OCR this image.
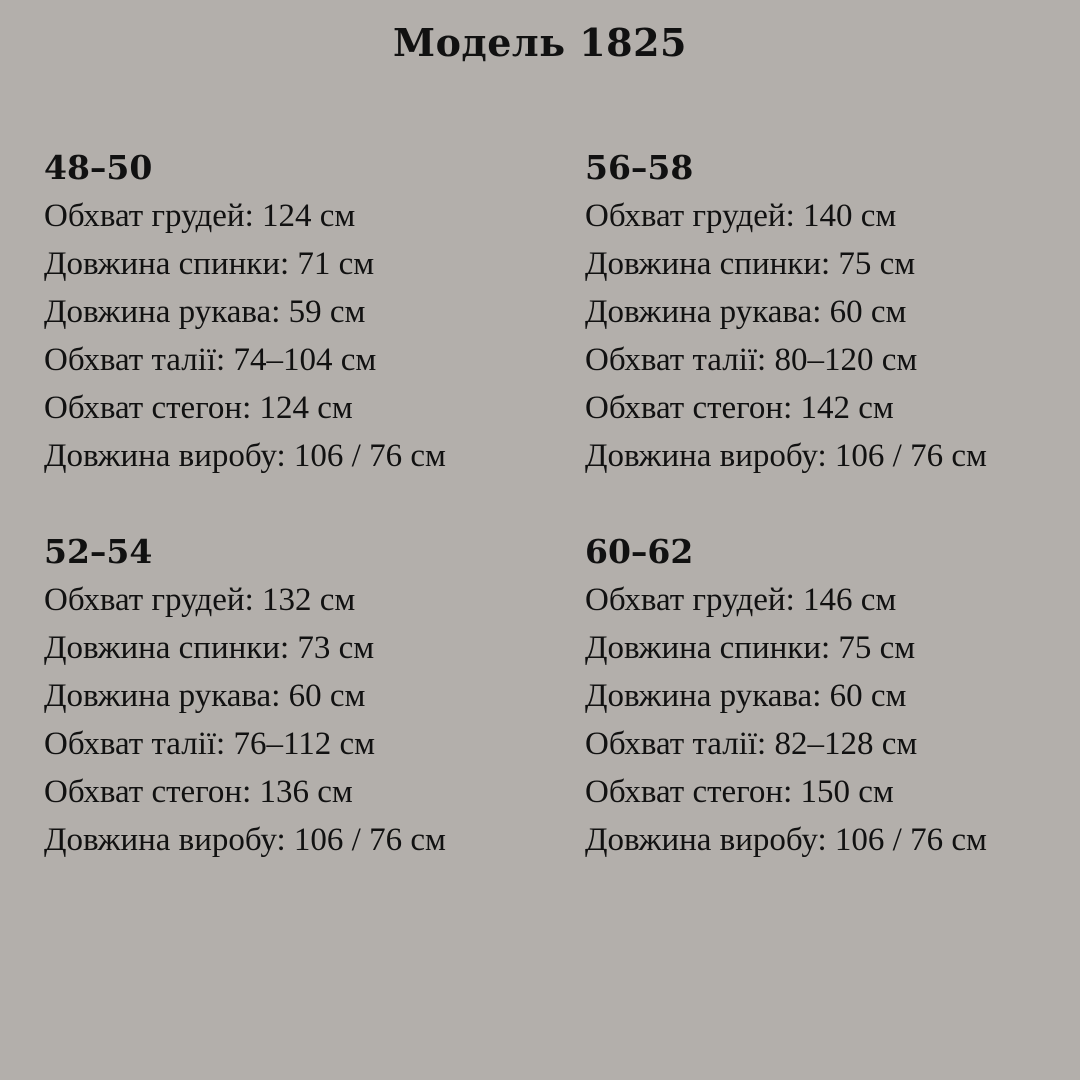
Модель 1825
48–50
Обхват грудей: 124 см
Довжина спинки: 71 см
Довжина рукава: 59 см
Обхват талії: 74–104 см
Обхват стегон: 124 см
Довжина виробу: 106 / 76 см
56–58
Обхват грудей: 140 см
Довжина спинки: 75 см
Довжина рукава: 60 см
Обхват талії: 80–120 см
Обхват стегон: 142 см
Довжина виробу: 106 / 76 см
52–54
Обхват грудей: 132 см
Довжина спинки: 73 см
Довжина рукава: 60 см
Обхват талії: 76–112 см
Обхват стегон: 136 см
Довжина виробу: 106 / 76 см
60–62
Обхват грудей: 146 см
Довжина спинки: 75 см
Довжина рукава: 60 см
Обхват талії: 82–128 см
Обхват стегон: 150 см
Довжина виробу: 106 / 76 см
